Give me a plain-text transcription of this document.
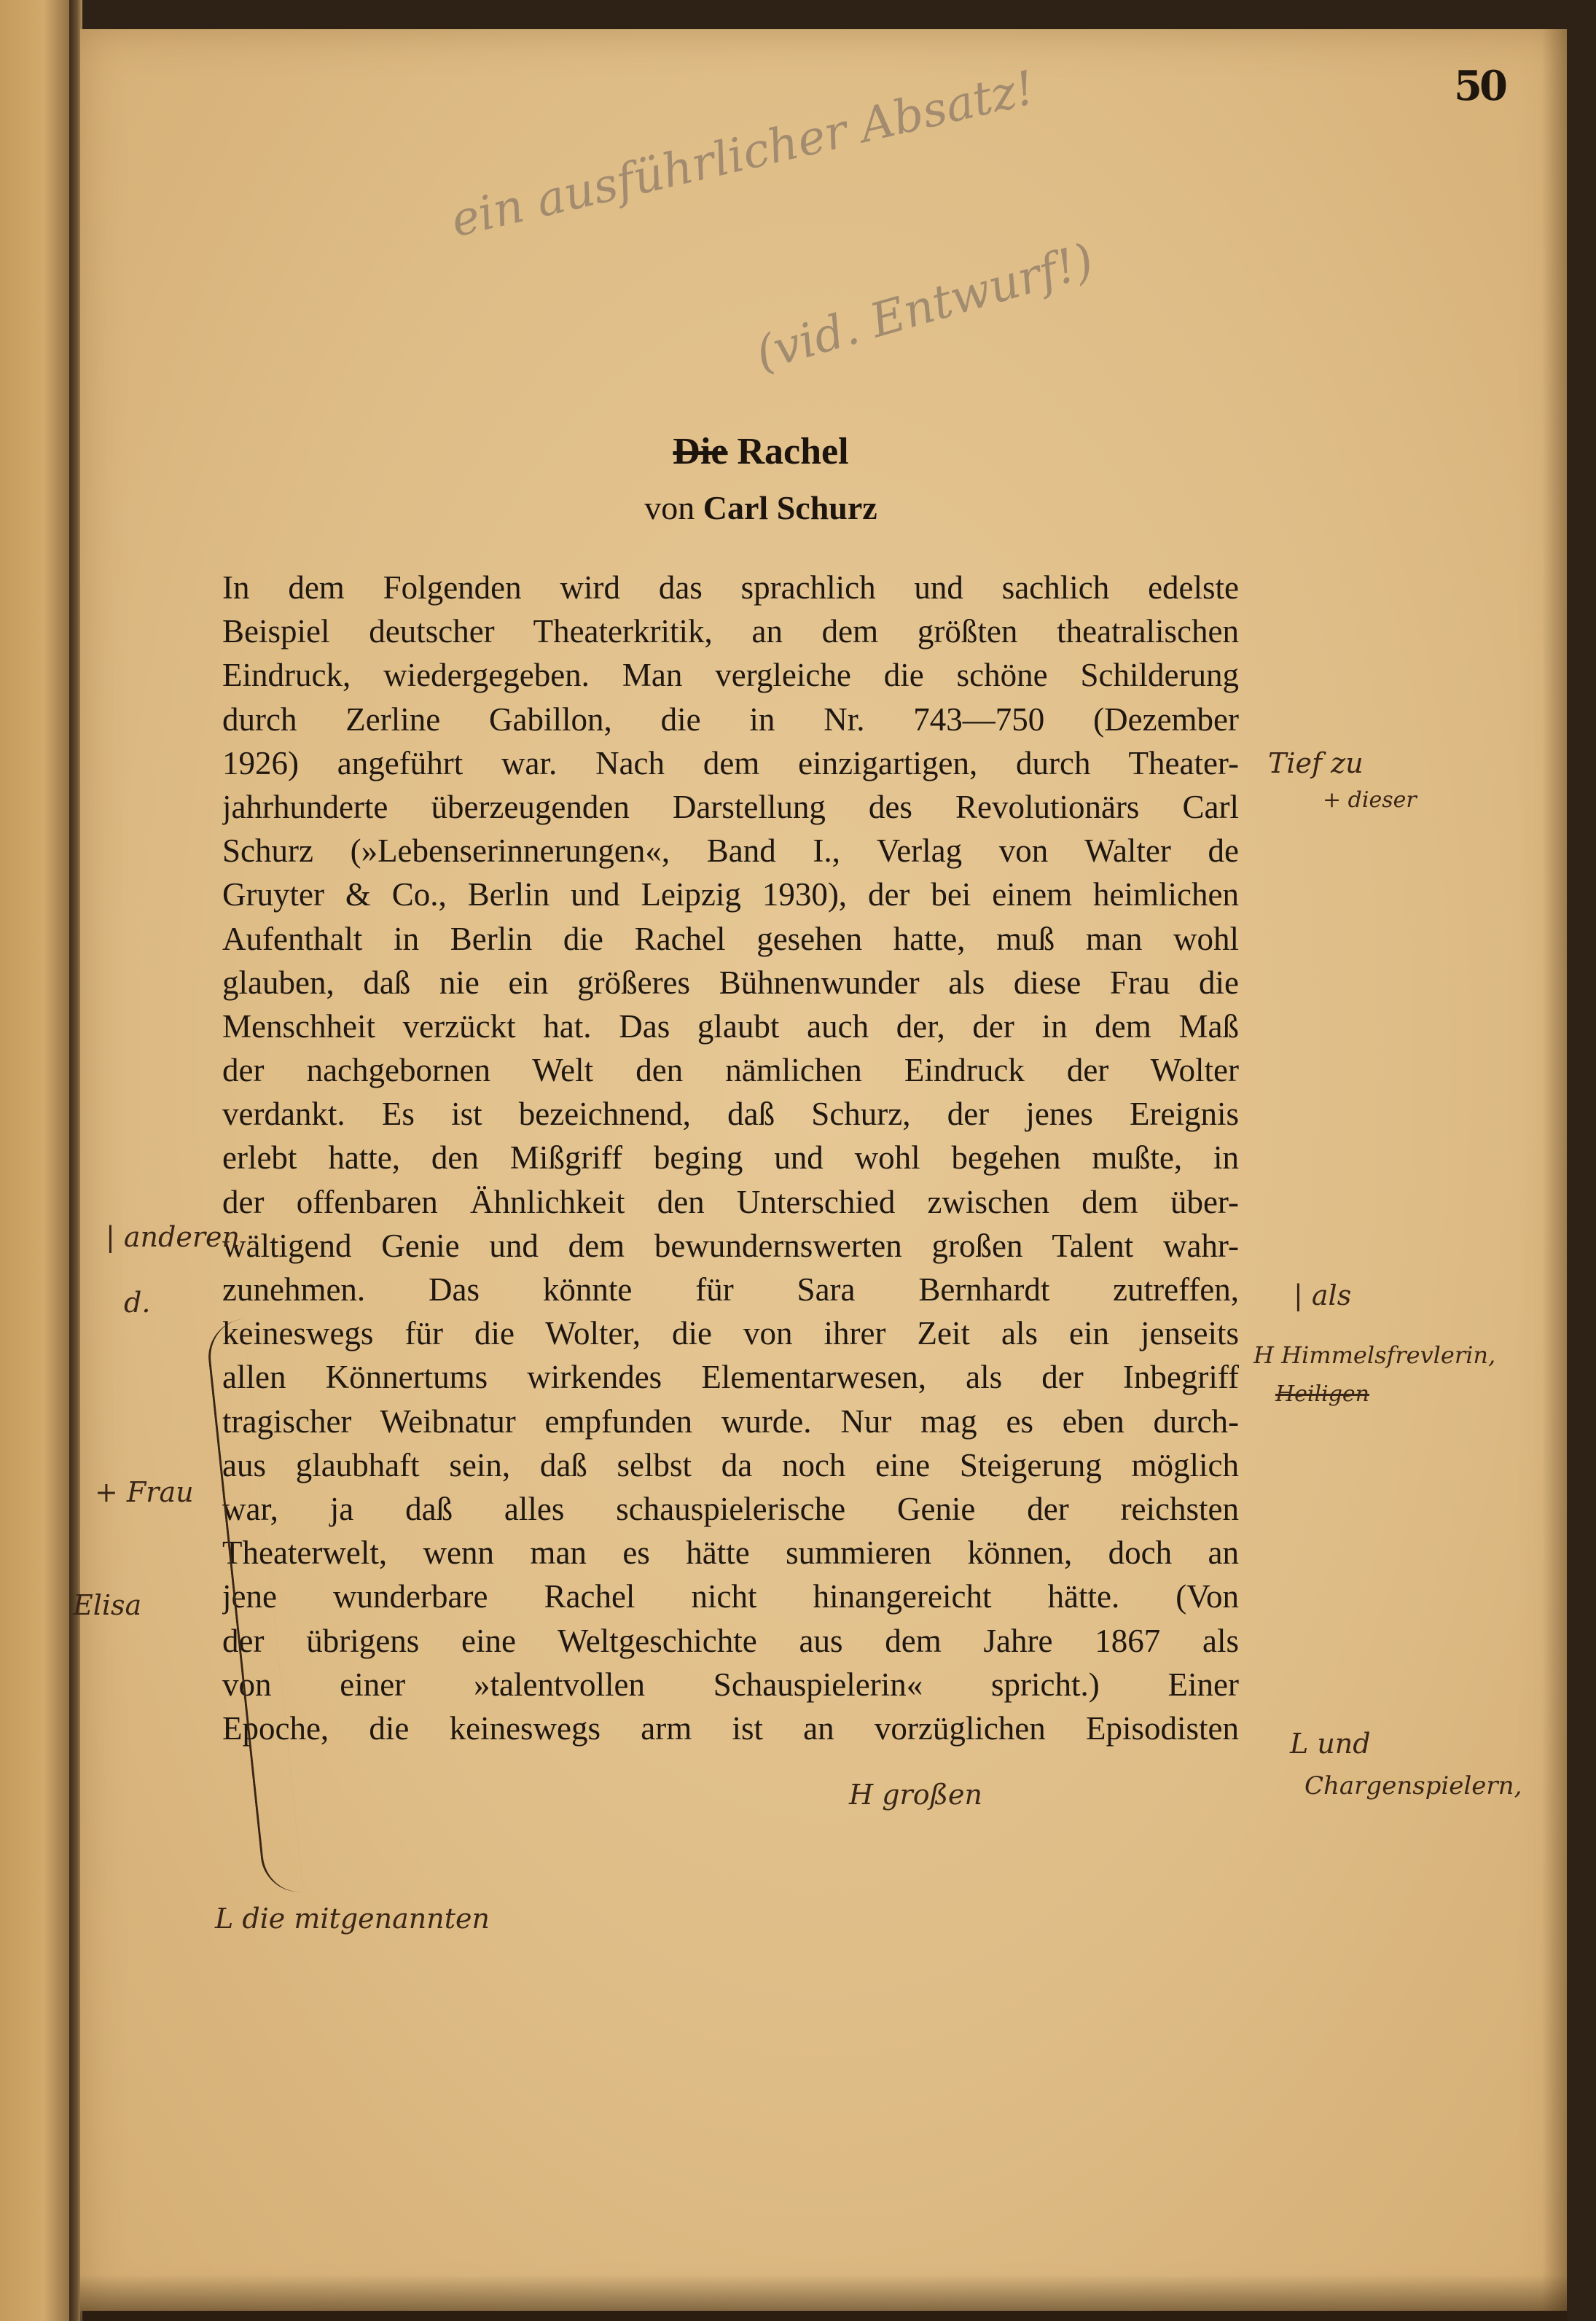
50
ein ausführlicher Absatz!
(vid. Entwurf!)
Die Rachel
von Carl Schurz
In dem Folgenden wird das sprachlich und sachlich edelste
Beispiel deutscher Theaterkritik, an dem größten theatralischen
Eindruck, wiedergegeben. Man vergleiche die schöne Schilderung
durch Zerline Gabillon, die in Nr. 743—750 (Dezember
1926) angeführt war. Nach dem einzigartigen, durch Theater-
jahrhunderte überzeugenden Darstellung des Revolutionärs Carl
Schurz (»Lebenserinnerungen«, Band I., Verlag von Walter de
Gruyter & Co., Berlin und Leipzig 1930), der bei einem heimlichen
Aufenthalt in Berlin die Rachel gesehen hatte, muß man wohl
glauben, daß nie ein größeres Bühnenwunder als diese Frau die
Menschheit verzückt hat. Das glaubt auch der, der in dem Maß
der nachgebornen Welt den nämlichen Eindruck der Wolter
verdankt. Es ist bezeichnend, daß Schurz, der jenes Ereignis
erlebt hatte, den Mißgriff beging und wohl begehen mußte, in
der offenbaren Ähnlichkeit den Unterschied zwischen dem über-
wältigend Genie und dem bewundernswerten großen Talent wahr-
zunehmen. Das könnte für Sara Bernhardt zutreffen,
keineswegs für die Wolter, die von ihrer Zeit als ein jenseits
allen Könnertums wirkendes Elementarwesen, als der Inbegriff
tragischer Weibnatur empfunden wurde. Nur mag es eben durch-
aus glaubhaft sein, daß selbst da noch eine Steigerung möglich
war, ja daß alles schauspielerische Genie der reichsten
Theaterwelt, wenn man es hätte summieren können, doch an
jene wunderbare Rachel nicht hinangereicht hätte. (Von
der übrigens eine Weltgeschichte aus dem Jahre 1867 als
von einer »talentvollen Schauspielerin« spricht.) Einer
Epoche, die keineswegs arm ist an vorzüglichen Episodisten
Tief zu
+ dieser
| anderen
d.	| als
H Himmelsfrevlerin,
Heiligen
+ Frau
Elisa
L und
Chargenspielern,
H großen
L die mitgenannten
